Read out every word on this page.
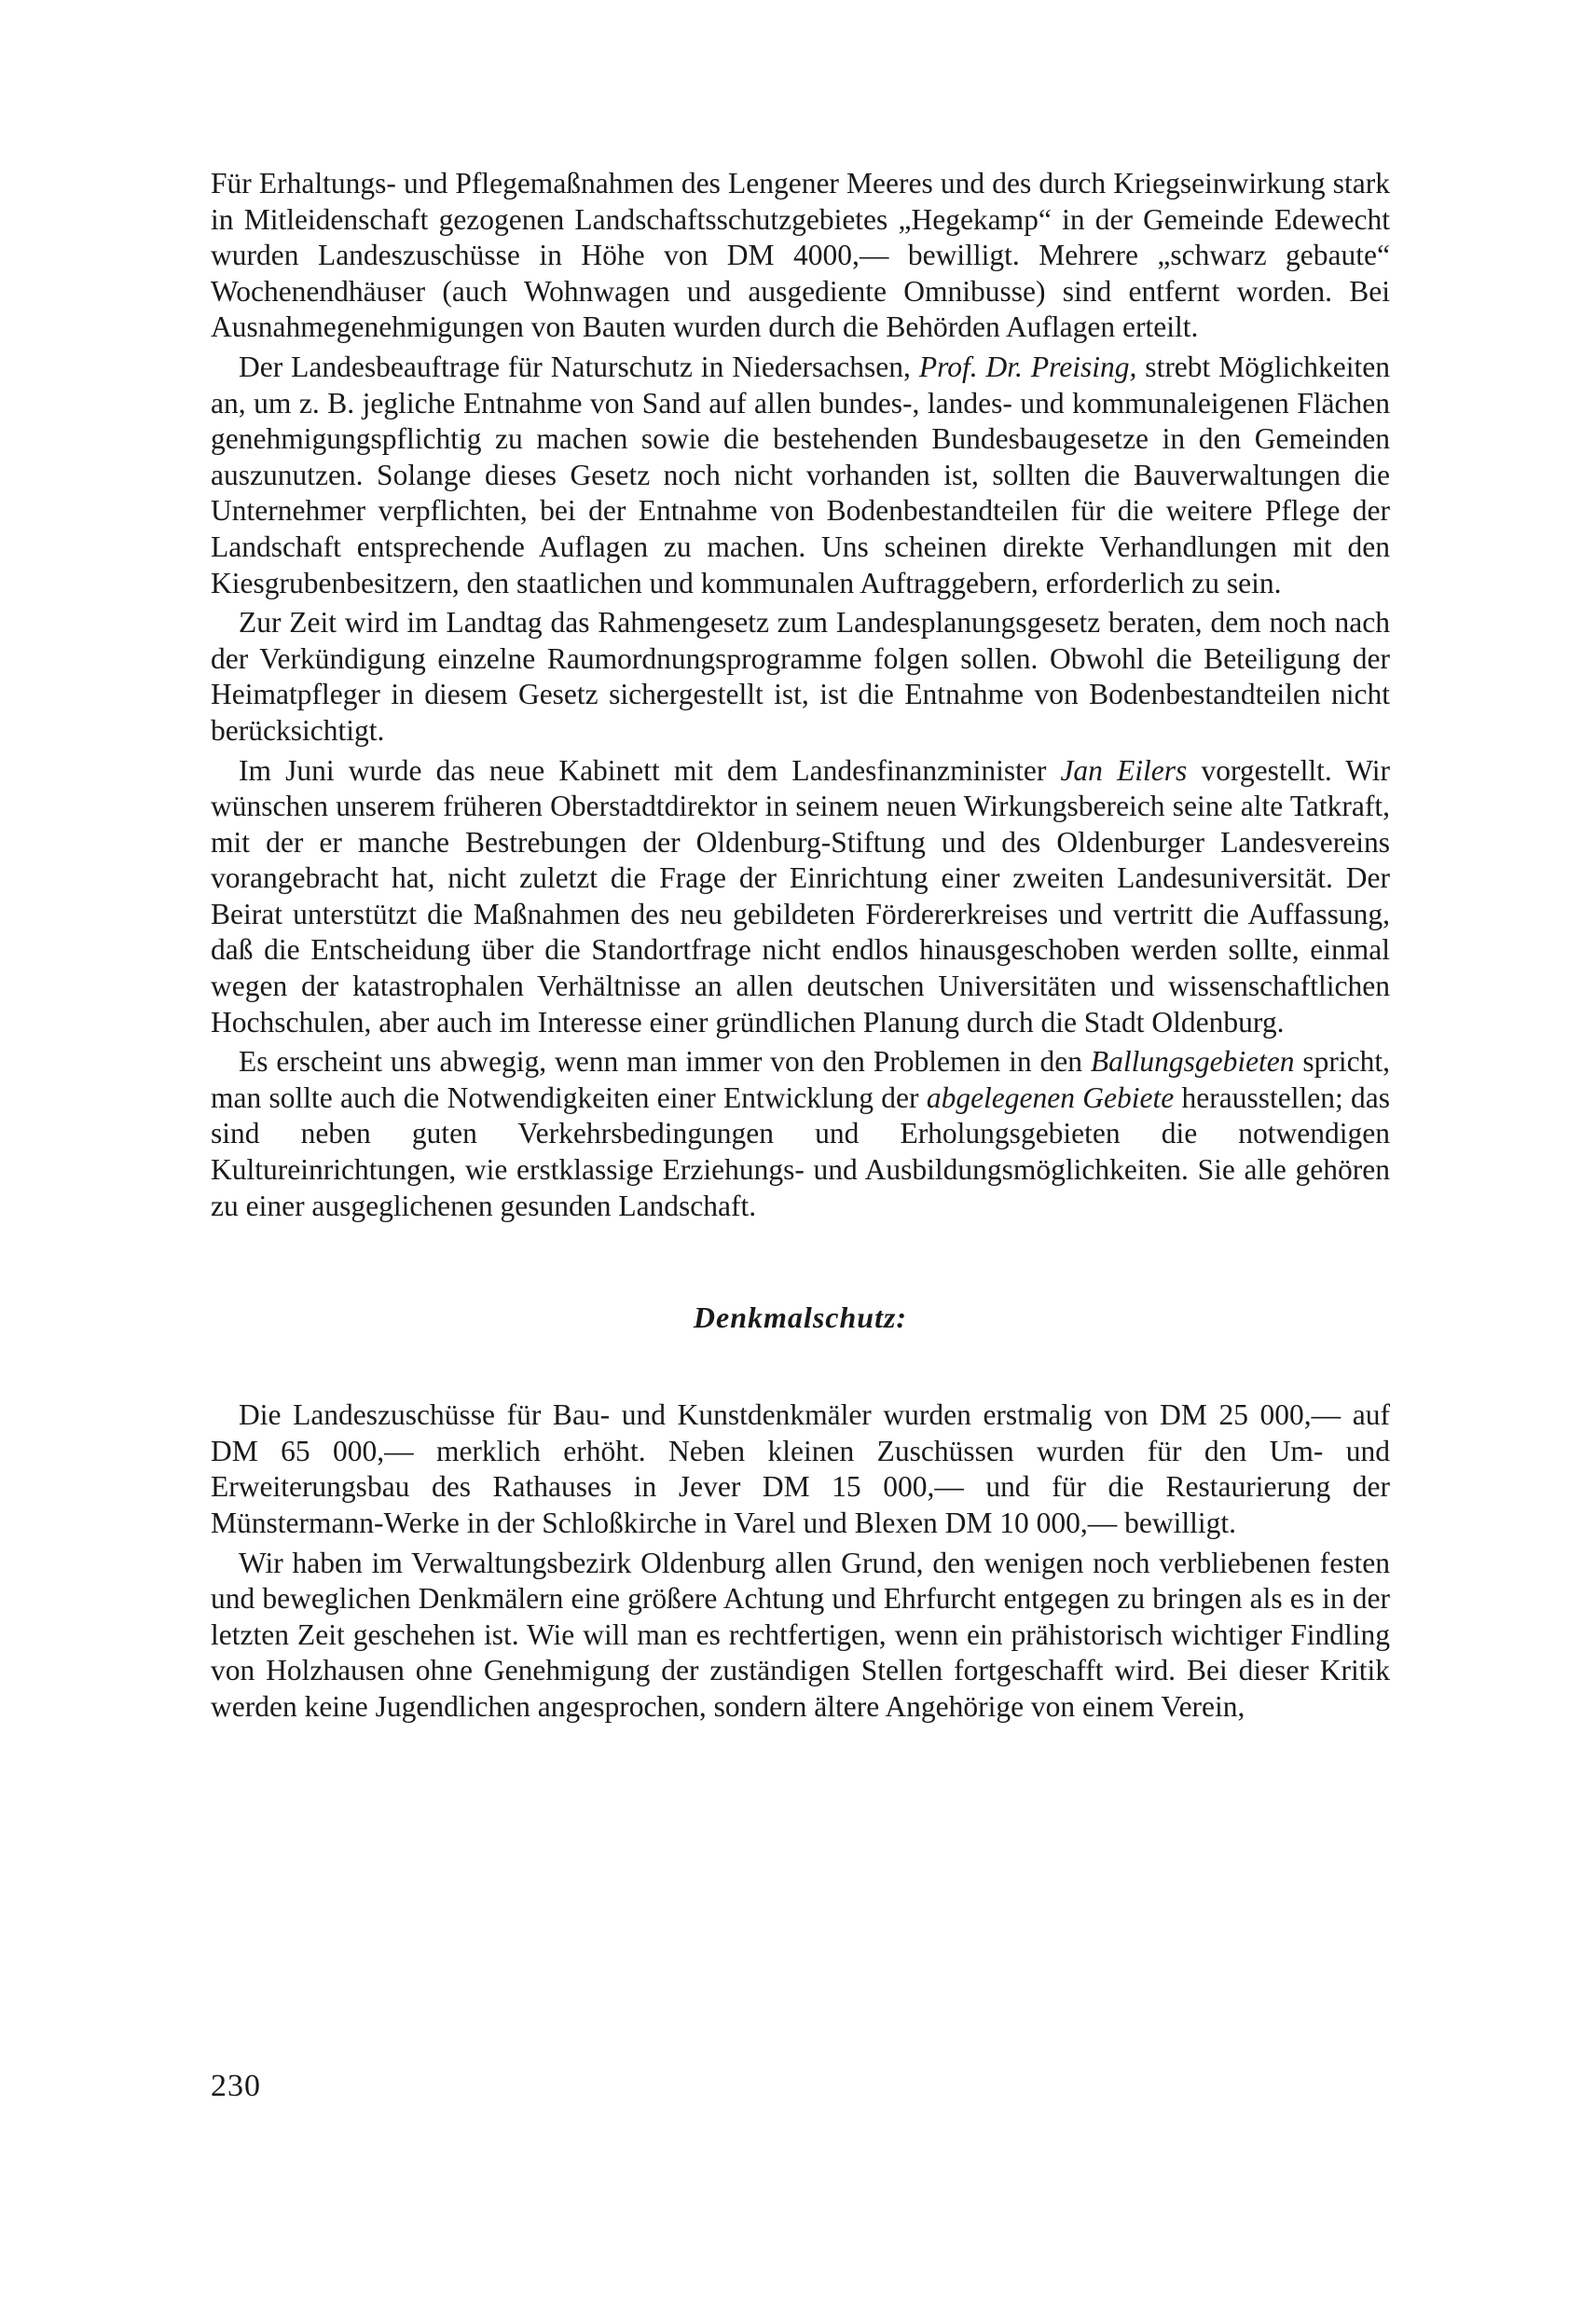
Für Erhaltungs- und Pflegemaßnahmen des Lengener Meeres und des durch Kriegseinwirkung stark in Mitleidenschaft gezogenen Landschaftsschutzgebietes „Hegekamp“ in der Gemeinde Edewecht wurden Landeszuschüsse in Höhe von DM 4000,— bewilligt. Mehrere „schwarz gebaute“ Wochenendhäuser (auch Wohnwagen und ausgediente Omnibusse) sind entfernt worden. Bei Ausnahmegenehmigungen von Bauten wurden durch die Behörden Auflagen erteilt.

Der Landesbeauftrage für Naturschutz in Niedersachsen, Prof. Dr. Preising, strebt Möglichkeiten an, um z. B. jegliche Entnahme von Sand auf allen bundes-, landes- und kommunaleigenen Flächen genehmigungspflichtig zu machen sowie die bestehenden Bundesbaugesetze in den Gemeinden auszunutzen. Solange dieses Gesetz noch nicht vorhanden ist, sollten die Bauverwaltungen die Unternehmer verpflichten, bei der Entnahme von Bodenbestandteilen für die weitere Pflege der Landschaft entsprechende Auflagen zu machen. Uns scheinen direkte Verhandlungen mit den Kiesgrubenbesitzern, den staatlichen und kommunalen Auftraggebern, erforderlich zu sein.

Zur Zeit wird im Landtag das Rahmengesetz zum Landesplanungsgesetz beraten, dem noch nach der Verkündigung einzelne Raumordnungsprogramme folgen sollen. Obwohl die Beteiligung der Heimatpfleger in diesem Gesetz sichergestellt ist, ist die Entnahme von Bodenbestandteilen nicht berücksichtigt.

Im Juni wurde das neue Kabinett mit dem Landesfinanzminister Jan Eilers vorgestellt. Wir wünschen unserem früheren Oberstadtdirektor in seinem neuen Wirkungsbereich seine alte Tatkraft, mit der er manche Bestrebungen der Oldenburg-Stiftung und des Oldenburger Landesvereins vorangebracht hat, nicht zuletzt die Frage der Einrichtung einer zweiten Landesuniversität. Der Beirat unterstützt die Maßnahmen des neu gebildeten Fördererkreises und vertritt die Auffassung, daß die Entscheidung über die Standortfrage nicht endlos hinausgeschoben werden sollte, einmal wegen der katastrophalen Verhältnisse an allen deutschen Universitäten und wissenschaftlichen Hochschulen, aber auch im Interesse einer gründlichen Planung durch die Stadt Oldenburg.

Es erscheint uns abwegig, wenn man immer von den Problemen in den Ballungsgebieten spricht, man sollte auch die Notwendigkeiten einer Entwicklung der abgelegenen Gebiete herausstellen; das sind neben guten Verkehrsbedingungen und Erholungsgebieten die notwendigen Kultureinrichtungen, wie erstklassige Erziehungs- und Ausbildungsmöglichkeiten. Sie alle gehören zu einer ausgeglichenen gesunden Landschaft.

Denkmalschutz:

Die Landeszuschüsse für Bau- und Kunstdenkmäler wurden erstmalig von DM 25 000,— auf DM 65 000,— merklich erhöht. Neben kleinen Zuschüssen wurden für den Um- und Erweiterungsbau des Rathauses in Jever DM 15 000,— und für die Restaurierung der Münstermann-Werke in der Schloßkirche in Varel und Blexen DM 10 000,— bewilligt.

Wir haben im Verwaltungsbezirk Oldenburg allen Grund, den wenigen noch verbliebenen festen und beweglichen Denkmälern eine größere Achtung und Ehrfurcht entgegen zu bringen als es in der letzten Zeit geschehen ist. Wie will man es rechtfertigen, wenn ein prähistorisch wichtiger Findling von Holzhausen ohne Genehmigung der zuständigen Stellen fortgeschafft wird. Bei dieser Kritik werden keine Jugendlichen angesprochen, sondern ältere Angehörige von einem Verein,

230
